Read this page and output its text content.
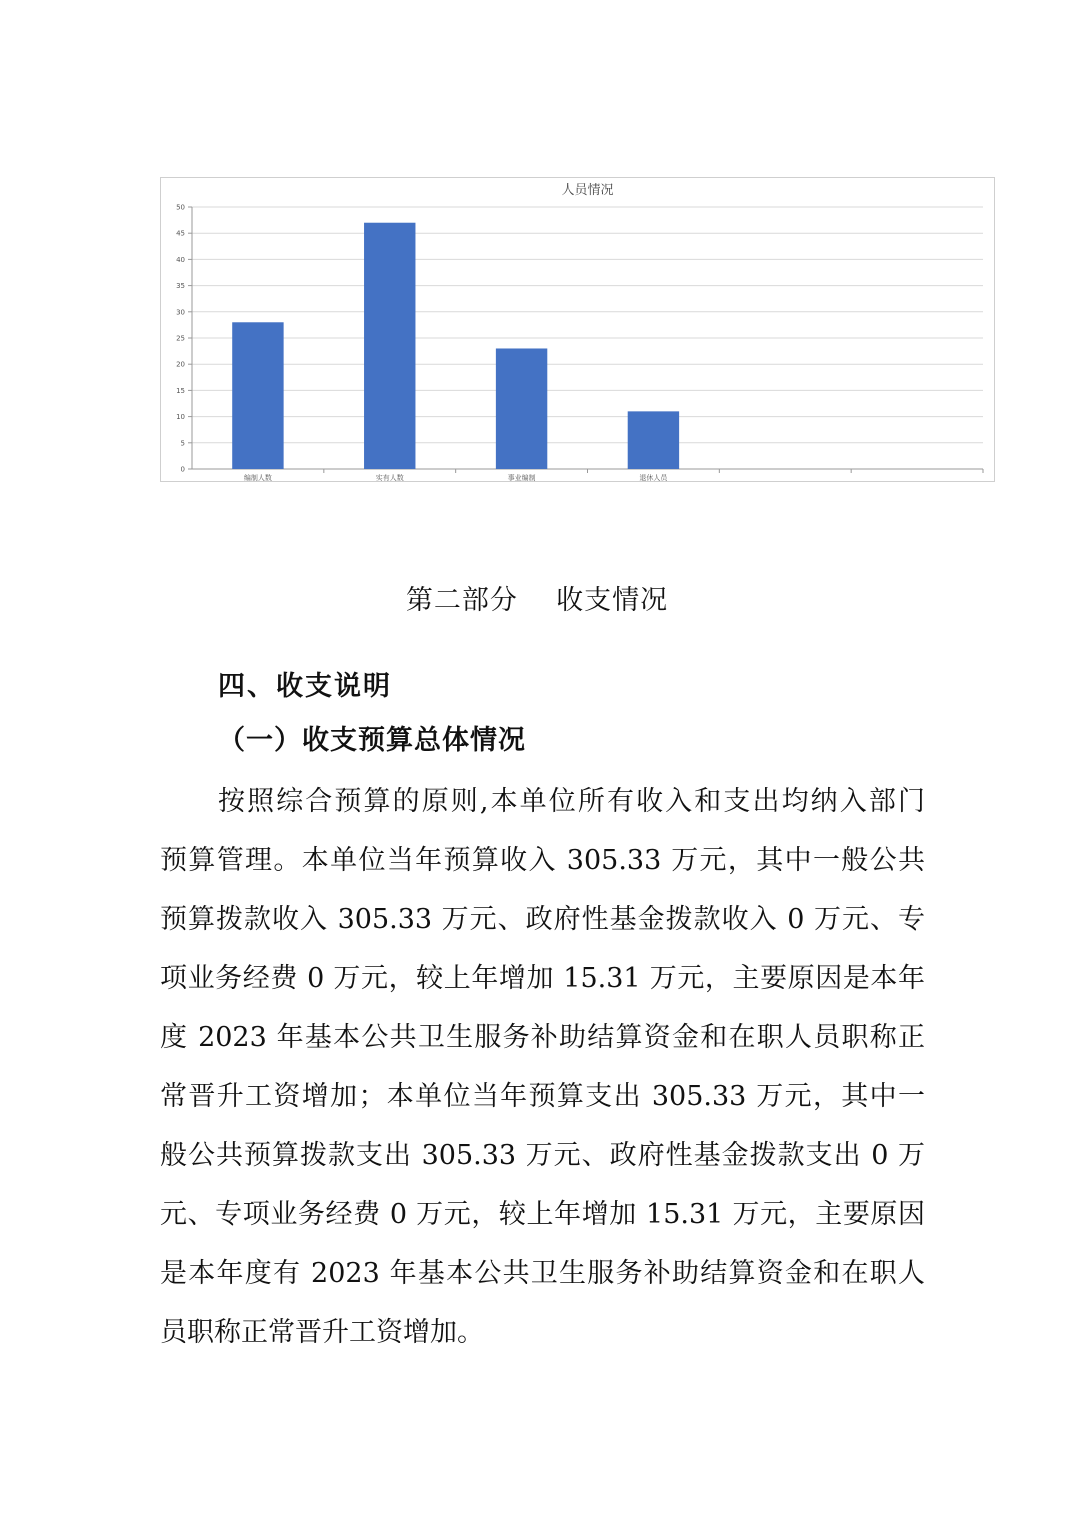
人员情况
0
5
10
15
20
25
30
35
40
45
50
编制人数	实有人数	事业编制	退休人员
第二部分    收支情况
四、收支说明
（一）收支预算总体情况
按照综合预算的原则,本单位所有收入和支出均纳入部门
预算管理。本单位当年预算收入 305.33 万元，其中一般公共
预算拨款收入 305.33 万元、政府性基金拨款收入 0 万元、专
项业务经费 0 万元，较上年增加 15.31 万元，主要原因是本年
度 2023 年基本公共卫生服务补助结算资金和在职人员职称正
常晋升工资增加；本单位当年预算支出 305.33 万元，其中一
般公共预算拨款支出 305.33 万元、政府性基金拨款支出 0 万
元、专项业务经费 0 万元，较上年增加 15.31 万元，主要原因
是本年度有 2023 年基本公共卫生服务补助结算资金和在职人
员职称正常晋升工资增加。
